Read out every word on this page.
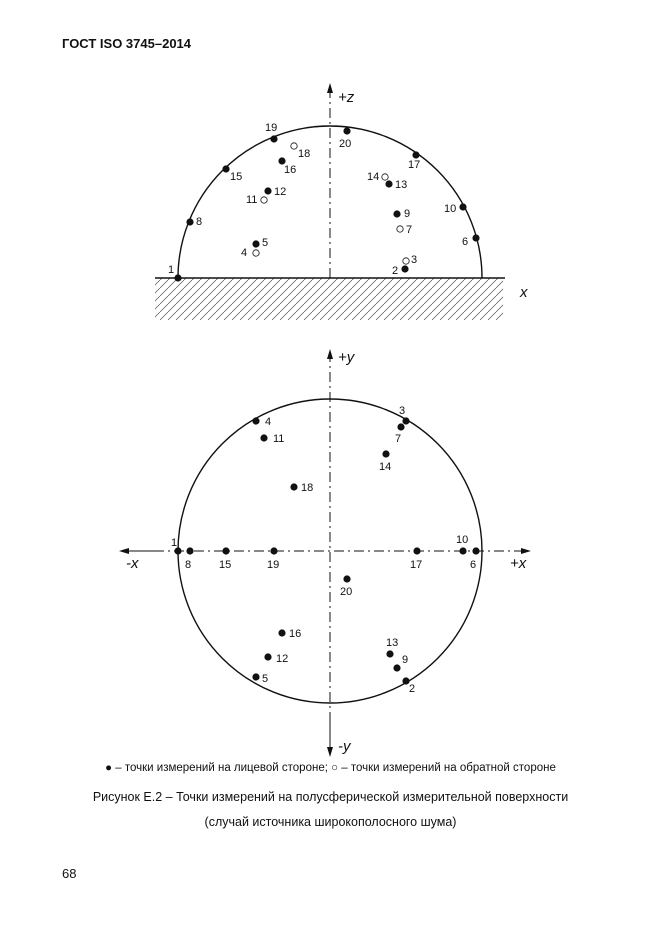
ГОСТ ISO 3745–2014
+z
x
1	2
3
4
5	6
7
8
9	10
11
12
13
14
15
16	17
18
19
20
+y
-y
+x
-x
1
2
3
4
5
6
7
8
9
10
11
12
13
14
15
16
17
18
19
20
● – точки измерений на лицевой стороне; ○ – точки измерений на обратной стороне
Рисунок Е.2 – Точки измерений на полусферической измерительной поверхности
(случай источника широкополосного шума)
68
